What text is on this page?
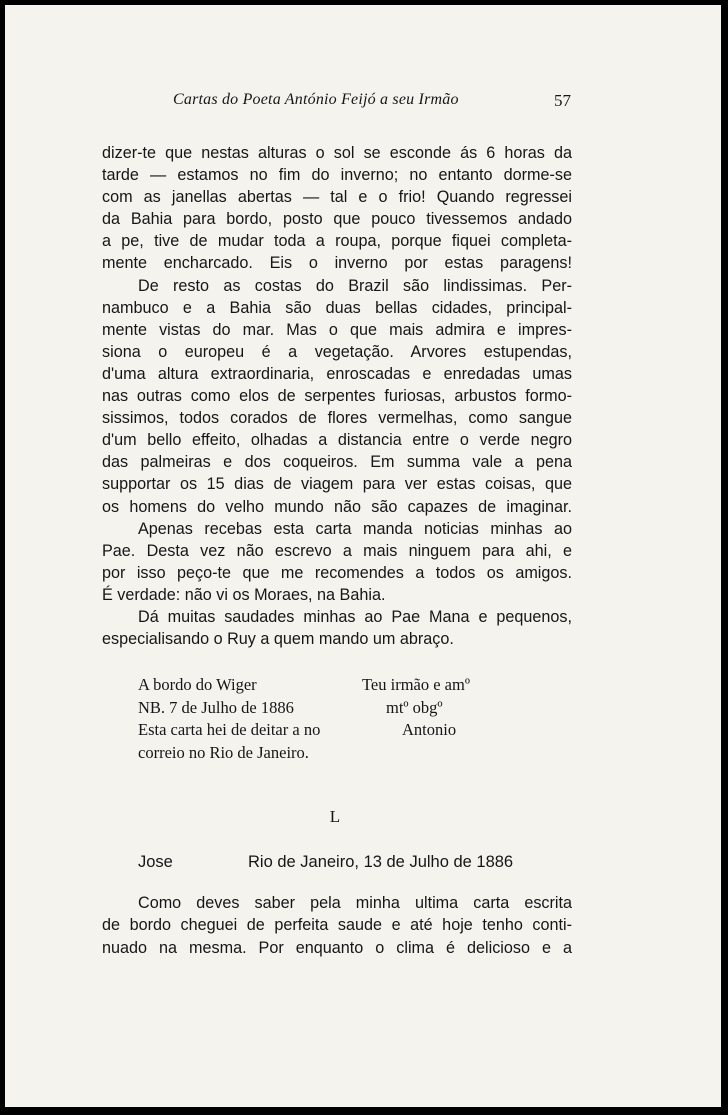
Cartas do Poeta António Feijó a seu Irmão	57
dizer-te que nestas alturas o sol se esconde ás 6 horas da
tarde — estamos no fim do inverno; no entanto dorme-se
com as janellas abertas — tal e o frio! Quando regressei
da Bahia para bordo, posto que pouco tivessemos andado
a pe, tive de mudar toda a roupa, porque fiquei completa-
mente encharcado. Eis o inverno por estas paragens!
De resto as costas do Brazil são lindissimas. Per-
nambuco e a Bahia são duas bellas cidades, principal-
mente vistas do mar. Mas o que mais admira e impres-
siona o europeu é a vegetação. Arvores estupendas,
d'uma altura extraordinaria, enroscadas e enredadas umas
nas outras como elos de serpentes furiosas, arbustos formo-
sissimos, todos corados de flores vermelhas, como sangue
d'um bello effeito, olhadas a distancia entre o verde negro
das palmeiras e dos coqueiros. Em summa vale a pena
supportar os 15 dias de viagem para ver estas coisas, que
os homens do velho mundo não são capazes de imaginar.
Apenas recebas esta carta manda noticias minhas ao
Pae. Desta vez não escrevo a mais ninguem para ahi, e
por isso peço-te que me recomendes a todos os amigos.
É verdade: não vi os Moraes, na Bahia.
Dá muitas saudades minhas ao Pae Mana e pequenos,
especialisando o Ruy a quem mando um abraço.
A bordo do Wiger
NB. 7 de Julho de 1886
Esta carta hei de deitar a no
correio no Rio de Janeiro.
Teu irmão e amº
mtº obgº
Antonio
L
Jose	Rio de Janeiro, 13 de Julho de 1886
Como deves saber pela minha ultima carta escrita
de bordo cheguei de perfeita saude e até hoje tenho conti-
nuado na mesma. Por enquanto o clima é delicioso e a
